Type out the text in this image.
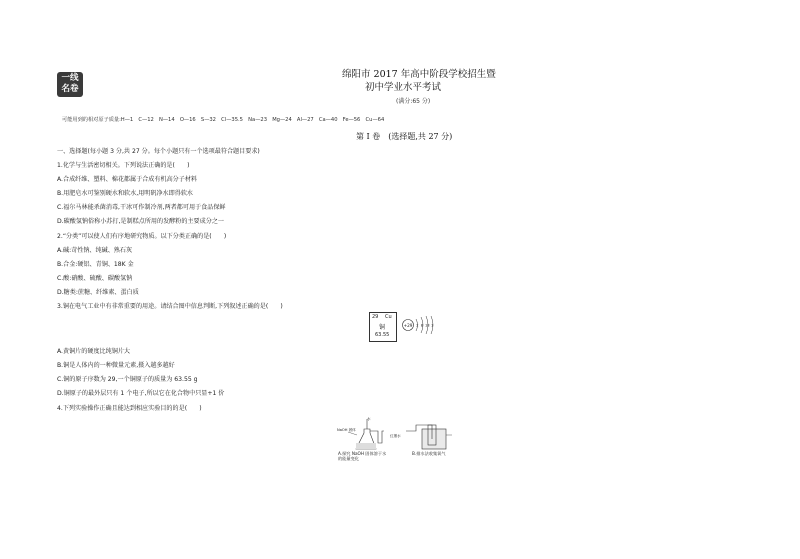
一线
名卷
绵阳市 2017 年高中阶段学校招生暨
初中学业水平考试
(满分:65 分)
可能用到的相对原子质量:H—1　C—12　N—14　O—16　S—32　Cl—35.5　Na—23　Mg—24　Al—27　Ca—40　Fe—56　Cu—64
第 Ⅰ 卷　(选择题,共 27 分)
一、选择题(每小题 3 分,共 27 分。每个小题只有一个选项最符合题目要求)
1.化学与生活密切相关。下列说法正确的是(　　)
A.合成纤维、塑料、棉花都属于合成有机高分子材料
B.用肥皂水可鉴别硬水和软水,用明矾净水即得软水
C.福尔马林能杀菌消毒,干冰可作制冷剂,两者都可用于食品保鲜
D.碳酸氢钠俗称小苏打,是制糕点所用的发酵粉的主要成分之一
2.“分类”可以使人们有序地研究物质。以下分类正确的是(　　)
A.碱:苛性钠、纯碱、熟石灰
B.合金:硬铝、青铜、18K 金
C.酸:硝酸、硫酸、碳酸氢钠
D.糖类:蔗糖、纤维素、蛋白质
3.铜在电气工业中有非常重要的用途。请结合图中信息判断,下列叙述正确的是(　　)
29 Cu
铜
63.55
+29 2 8 18 1
A.黄铜片的硬度比纯铜片大
B.铜是人体内的一种微量元素,摄入越多越好
C.铜的原子序数为 29,一个铜原子的质量为 63.55 g
D.铜原子的最外层只有 1 个电子,所以它在化合物中只显+1 价
4.下列实验操作正确且能达到相应实验目的的是(　　)
NaOH 固体
水
红墨水
A.探究 NaOH 固体溶于水的能量变化
B.排水法收集氧气
